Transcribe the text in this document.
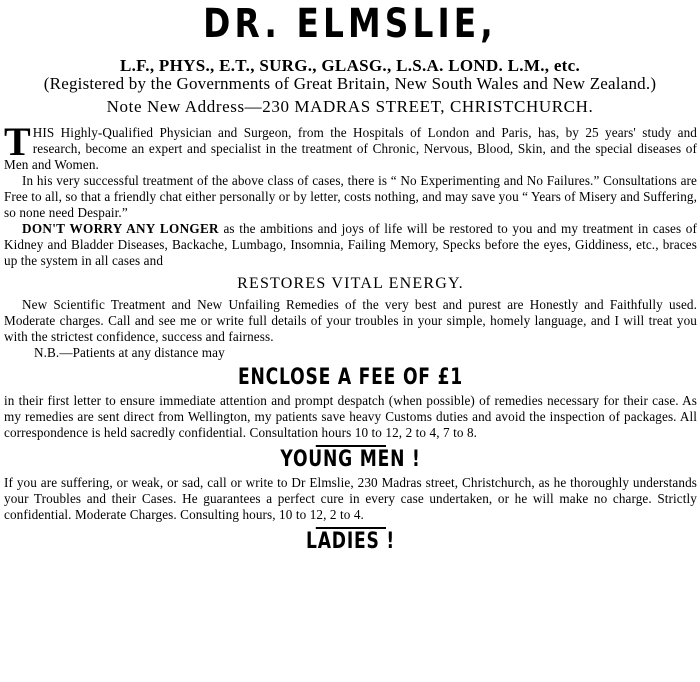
DR. ELMSLIE,
L.F., PHYS., E.T., SURG., GLASG., L.S.A. LOND. L.M., etc.
(Registered by the Governments of Great Britain, New South Wales and New Zealand.)
Note New Address—230 MADRAS STREET, CHRISTCHURCH.

THIS Highly-Qualified Physician and Surgeon, from the Hospitals of London and Paris, has, by 25 years' study and research, become an expert and specialist in the treatment of Chronic, Nervous, Blood, Skin, and the special diseases of Men and Women.

In his very successful treatment of the above class of cases, there is “ No Experimenting and No Failures.” Consultations are Free to all, so that a friendly chat either personally or by letter, costs nothing, and may save you “ Years of Misery and Suffering, so none need Despair.”

DON'T WORRY ANY LONGER as the ambitions and joys of life will be restored to you and my treatment in cases of Kidney and Bladder Diseases, Backache, Lumbago, Insomnia, Failing Memory, Specks before the eyes, Giddiness, etc., braces up the system in all cases and

RESTORES VITAL ENERGY.

New Scientific Treatment and New Unfailing Remedies of the very best and purest are Honestly and Faithfully used. Moderate charges. Call and see me or write full details of your troubles in your simple, homely language, and I will treat you with the strictest confidence, success and fairness.

N.B.—Patients at any distance may

ENCLOSE A FEE OF £1

in their first letter to ensure immediate attention and prompt despatch (when possible) of remedies necessary for their case. As my remedies are sent direct from Wellington, my patients save heavy Customs duties and avoid the inspection of packages. All correspondence is held sacredly confidential. Consultation hours 10 to 12, 2 to 4, 7 to 8.

YOUNG MEN !

If you are suffering, or weak, or sad, call or write to Dr Elmslie, 230 Madras street, Christchurch, as he thoroughly understands your Troubles and their Cases. He guarantees a perfect cure in every case undertaken, or he will make no charge. Strictly confidential. Moderate Charges. Consulting hours, 10 to 12, 2 to 4.

LADIES !
